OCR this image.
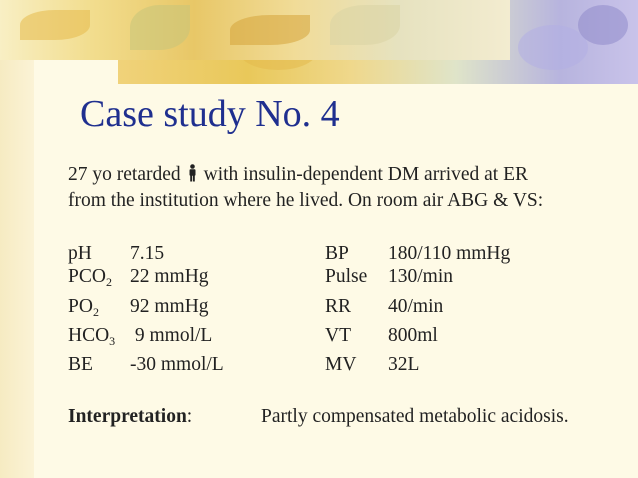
Case study No. 4
27 yo retarded with insulin-dependent DM arrived at ER
from the institution where he lived. On room air ABG & VS:
pH 7.15	BP 180/110 mmHg
$PCO_2$ 22 mmHg	Pulse 130/min
$PO_2$ 92 mmHg	RR 40/min
$HCO_3$ 9 mmol/L	VT 800ml
BE -30 mmol/L	MV 32L
Interpretation:	Partly compensated metabolic acidosis.
